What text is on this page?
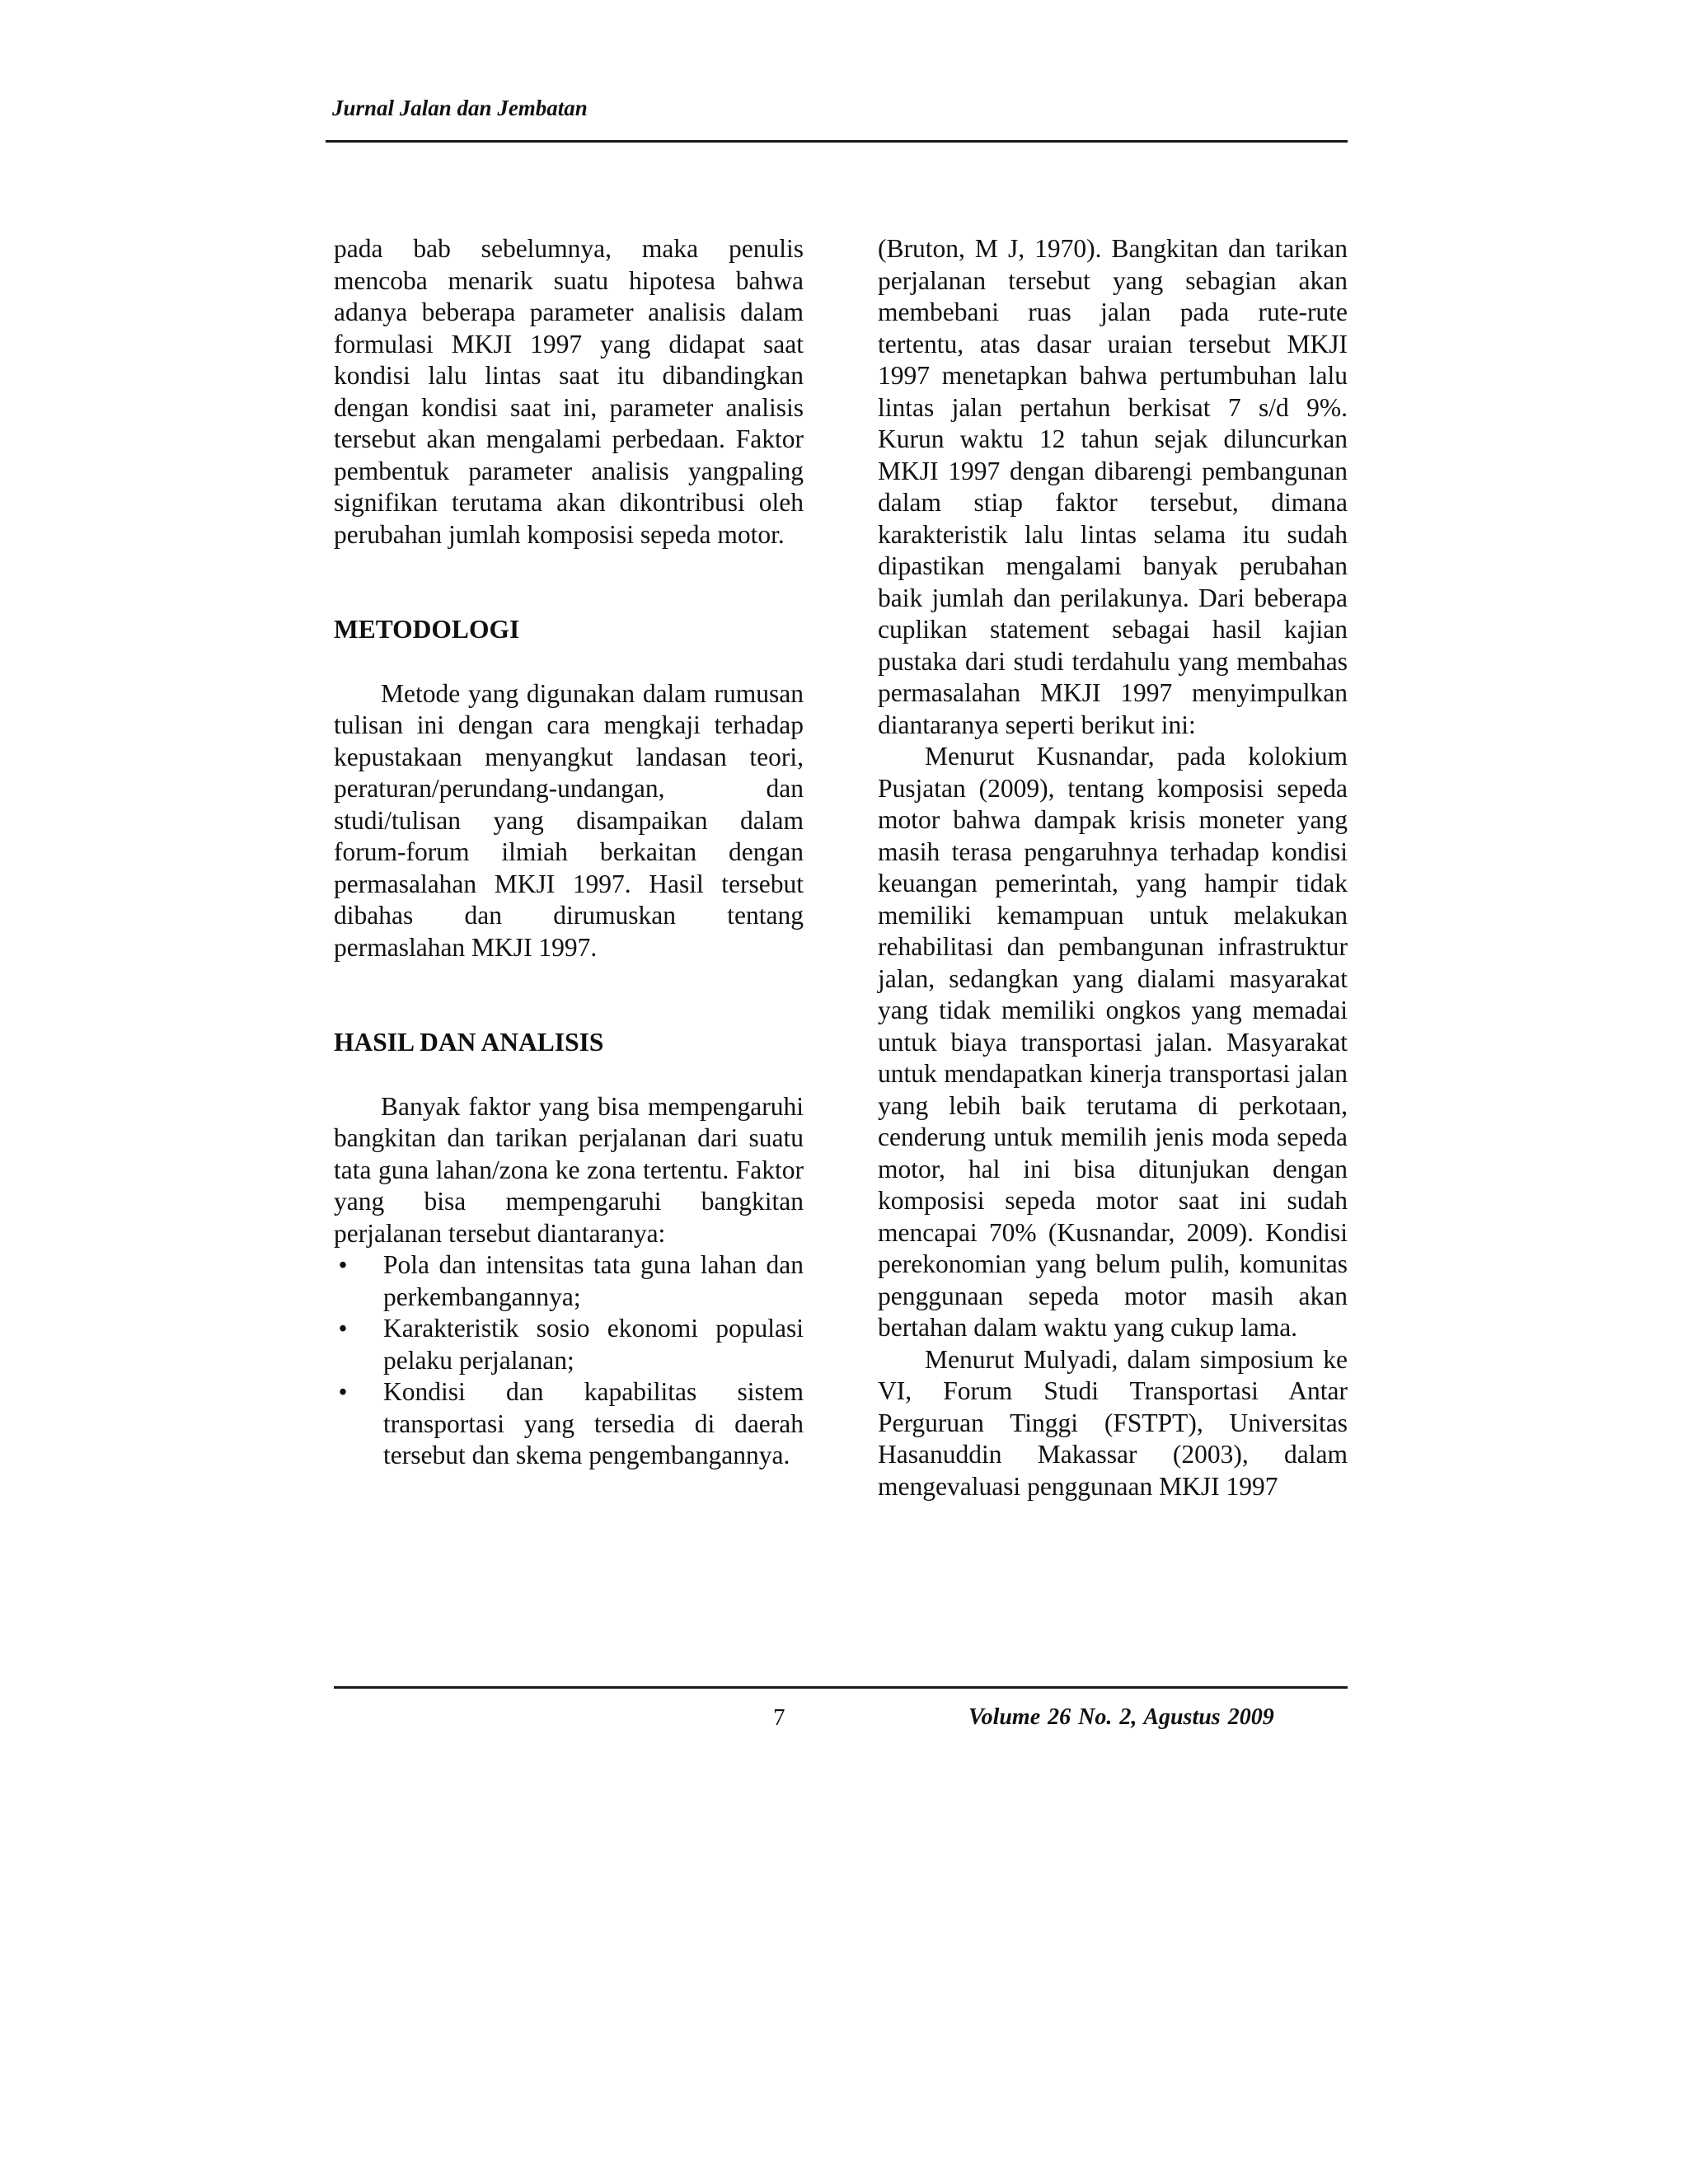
Jurnal Jalan dan Jembatan

pada bab sebelumnya, maka penulis mencoba menarik suatu hipotesa bahwa adanya beberapa parameter analisis dalam formulasi MKJI 1997 yang didapat saat kondisi lalu lintas saat itu dibandingkan dengan kondisi saat ini, parameter analisis tersebut akan mengalami perbedaan. Faktor pembentuk parameter analisis yangpaling signifikan terutama akan dikontribusi oleh perubahan jumlah komposisi sepeda motor.

METODOLOGI

Metode yang digunakan dalam rumusan tulisan ini dengan cara mengkaji terhadap kepustakaan menyangkut landasan teori, peraturan/perundang-undangan, dan studi/tulisan yang disampaikan dalam forum-forum ilmiah berkaitan dengan permasalahan MKJI 1997. Hasil tersebut dibahas dan dirumuskan tentang permaslahan MKJI 1997.

HASIL DAN ANALISIS

Banyak faktor yang bisa mempengaruhi bangkitan dan tarikan perjalanan dari suatu tata guna lahan/zona ke zona tertentu. Faktor yang bisa mempengaruhi bangkitan perjalanan tersebut diantaranya:

• Pola dan intensitas tata guna lahan dan perkembangannya;
• Karakteristik sosio ekonomi populasi pelaku perjalanan;
• Kondisi dan kapabilitas sistem transportasi yang tersedia di daerah tersebut dan skema pengembangannya.

(Bruton, M J, 1970). Bangkitan dan tarikan perjalanan tersebut yang sebagian akan membebani ruas jalan pada rute-rute tertentu, atas dasar uraian tersebut MKJI 1997 menetapkan bahwa pertumbuhan lalu lintas jalan pertahun berkisat 7 s/d 9%. Kurun waktu 12 tahun sejak diluncurkan MKJI 1997 dengan dibarengi pembangunan dalam stiap faktor tersebut, dimana karakteristik lalu lintas selama itu sudah dipastikan mengalami banyak perubahan baik jumlah dan perilakunya. Dari beberapa cuplikan statement sebagai hasil kajian pustaka dari studi terdahulu yang membahas permasalahan MKJI 1997 menyimpulkan diantaranya seperti berikut ini:

Menurut Kusnandar, pada kolokium Pusjatan (2009), tentang komposisi sepeda motor bahwa dampak krisis moneter yang masih terasa pengaruhnya terhadap kondisi keuangan pemerintah, yang hampir tidak memiliki kemampuan untuk melakukan rehabilitasi dan pembangunan infrastruktur jalan, sedangkan yang dialami masyarakat yang tidak memiliki ongkos yang memadai untuk biaya transportasi jalan. Masyarakat untuk mendapatkan kinerja transportasi jalan yang lebih baik terutama di perkotaan, cenderung untuk memilih jenis moda sepeda motor, hal ini bisa ditunjukan dengan komposisi sepeda motor saat ini sudah mencapai 70% (Kusnandar, 2009). Kondisi perekonomian yang belum pulih, komunitas penggunaan sepeda motor masih akan bertahan dalam waktu yang cukup lama.

Menurut Mulyadi, dalam simposium ke VI, Forum Studi Transportasi Antar Perguruan Tinggi (FSTPT), Universitas Hasanuddin Makassar (2003), dalam mengevaluasi penggunaan MKJI 1997

7	Volume 26 No. 2, Agustus 2009
